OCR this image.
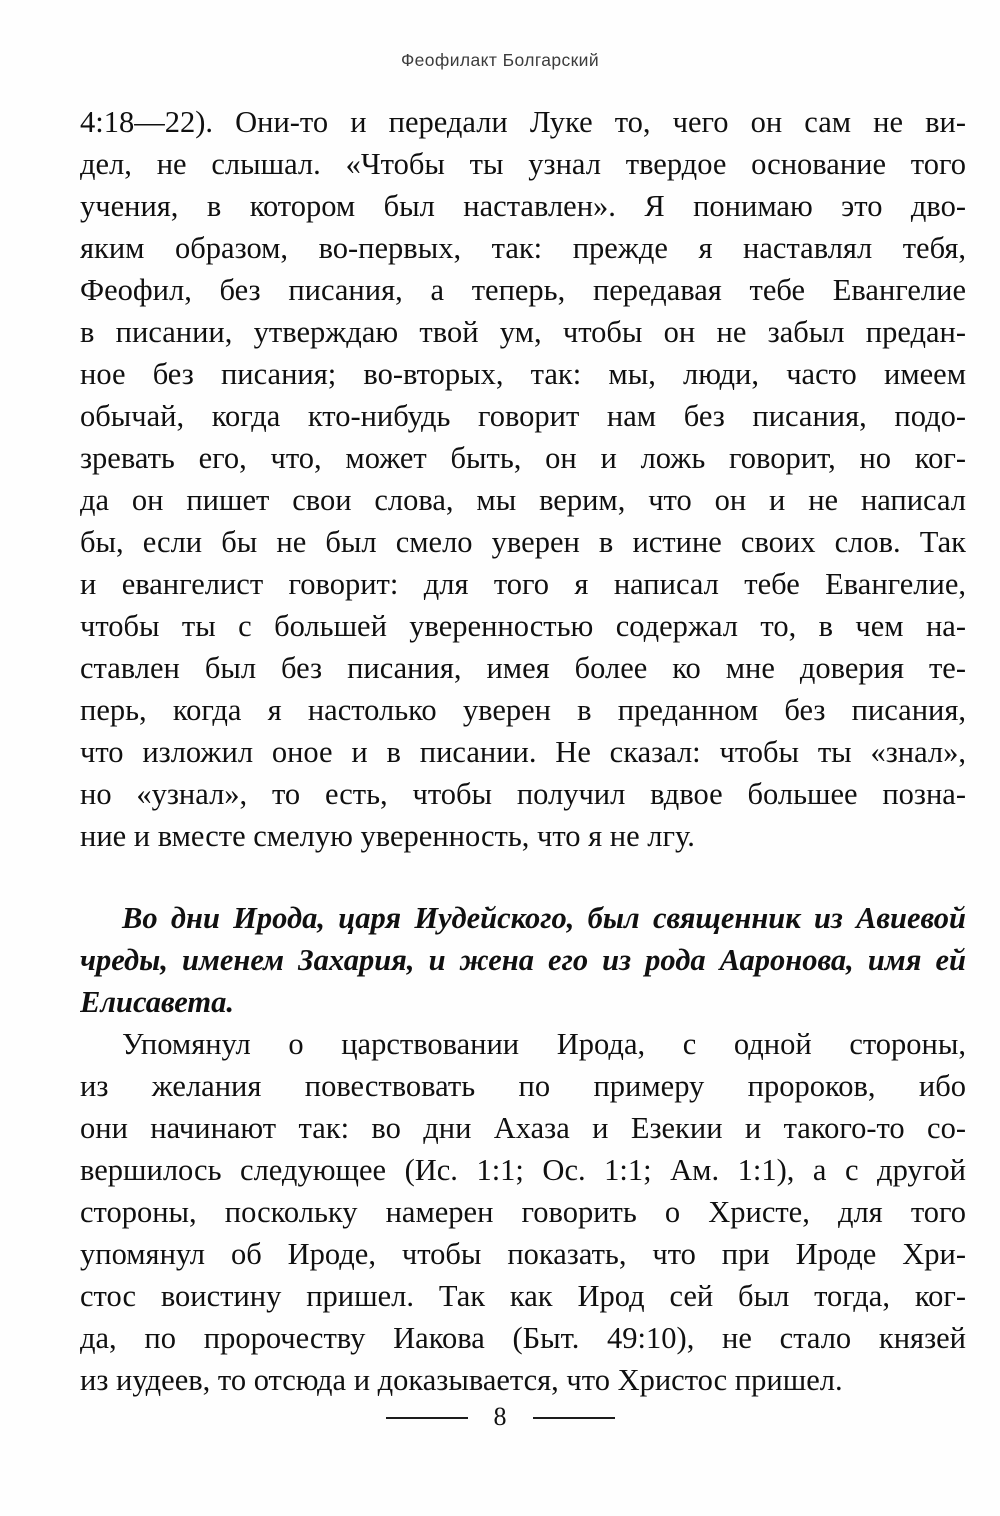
Феофилакт Болгарский
4:18—22). Они-то и передали Луке то, чего он сам не ви-
дел, не слышал. «Чтобы ты узнал твердое основание того
учения, в котором был наставлен». Я понимаю это дво-
яким образом, во-первых, так: прежде я наставлял тебя,
Феофил, без писания, а теперь, передавая тебе Евангелие
в писании, утверждаю твой ум, чтобы он не забыл предан-
ное без писания; во-вторых, так: мы, люди, часто имеем
обычай, когда кто-нибудь говорит нам без писания, подо-
зревать его, что, может быть, он и ложь говорит, но ког-
да он пишет свои слова, мы верим, что он и не написал
бы, если бы не был смело уверен в истине своих слов. Так
и евангелист говорит: для того я написал тебе Евангелие,
чтобы ты с большей уверенностью содержал то, в чем на-
ставлен был без писания, имея более ко мне доверия те-
перь, когда я настолько уверен в преданном без писания,
что изложил оное и в писании. Не сказал: чтобы ты «знал»,
но «узнал», то есть, чтобы получил вдвое большее позна-
ние и вместе смелую уверенность, что я не лгу.
Во дни Ирода, царя Иудейского, был священник из Авиевой
чреды, именем Захария, и жена его из рода Ааронова, имя ей
Елисавета.
Упомянул о царствовании Ирода, с одной стороны,
из желания повествовать по примеру пророков, ибо
они начинают так: во дни Ахаза и Езекии и такого-то со-
вершилось следующее (Ис. 1:1; Ос. 1:1; Ам. 1:1), а с другой
стороны, поскольку намерен говорить о Христе, для того
упомянул об Ироде, чтобы показать, что при Ироде Хри-
стос воистину пришел. Так как Ирод сей был тогда, ког-
да, по пророчеству Иакова (Быт. 49:10), не стало князей
из иудеев, то отсюда и доказывается, что Христос пришел.
8
